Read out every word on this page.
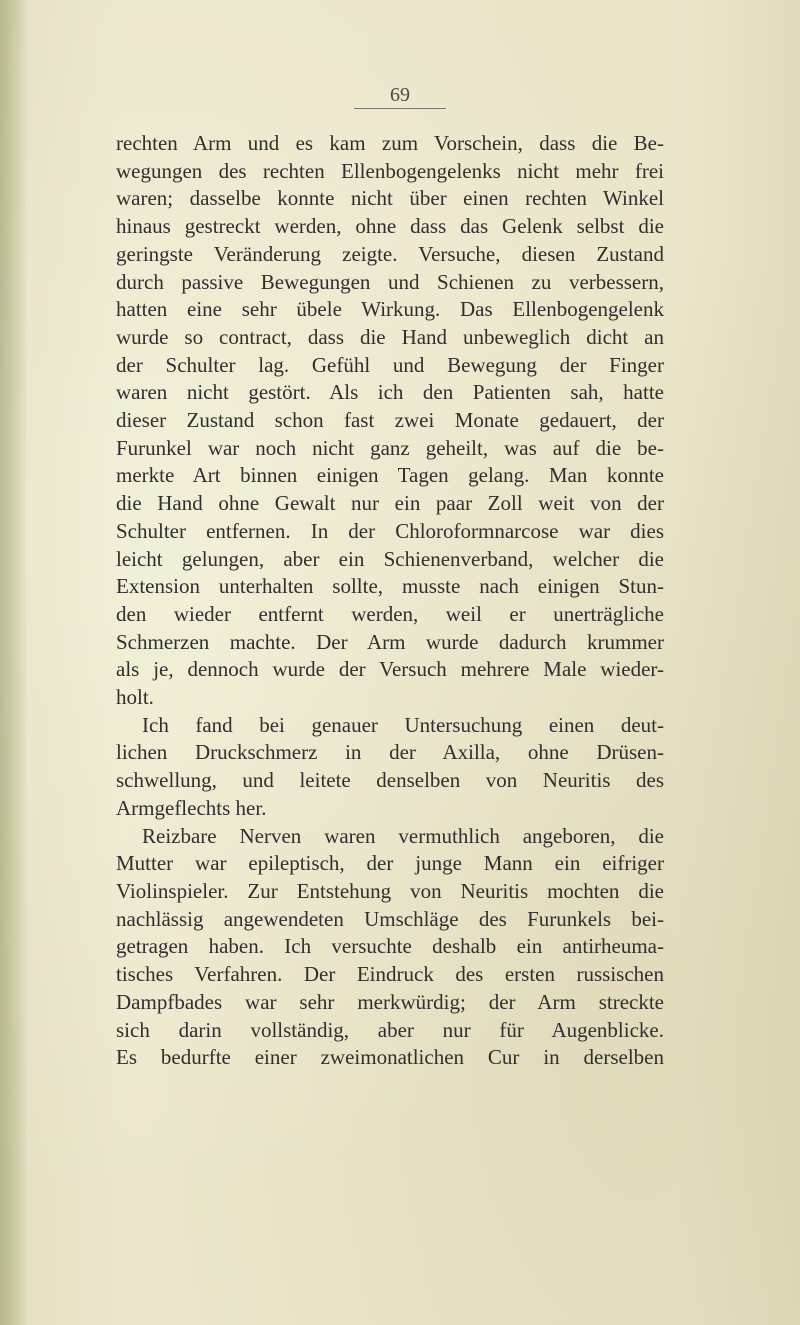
69
rechten Arm und es kam zum Vorschein, dass die Be-
wegungen des rechten Ellenbogengelenks nicht mehr frei
waren; dasselbe konnte nicht über einen rechten Winkel
hinaus gestreckt werden, ohne dass das Gelenk selbst die
geringste Veränderung zeigte. Versuche, diesen Zustand
durch passive Bewegungen und Schienen zu verbessern,
hatten eine sehr übele Wirkung. Das Ellenbogengelenk
wurde so contract, dass die Hand unbeweglich dicht an
der Schulter lag. Gefühl und Bewegung der Finger
waren nicht gestört. Als ich den Patienten sah, hatte
dieser Zustand schon fast zwei Monate gedauert, der
Furunkel war noch nicht ganz geheilt, was auf die be-
merkte Art binnen einigen Tagen gelang. Man konnte
die Hand ohne Gewalt nur ein paar Zoll weit von der
Schulter entfernen. In der Chloroformnarcose war dies
leicht gelungen, aber ein Schienenverband, welcher die
Extension unterhalten sollte, musste nach einigen Stun-
den wieder entfernt werden, weil er unerträgliche
Schmerzen machte. Der Arm wurde dadurch krummer
als je, dennoch wurde der Versuch mehrere Male wieder-
holt.
Ich fand bei genauer Untersuchung einen deut-
lichen Druckschmerz in der Axilla, ohne Drüsen-
schwellung, und leitete denselben von Neuritis des
Armgeflechts her.
Reizbare Nerven waren vermuthlich angeboren, die
Mutter war epileptisch, der junge Mann ein eifriger
Violinspieler. Zur Entstehung von Neuritis mochten die
nachlässig angewendeten Umschläge des Furunkels bei-
getragen haben. Ich versuchte deshalb ein antirheuma-
tisches Verfahren. Der Eindruck des ersten russischen
Dampfbades war sehr merkwürdig; der Arm streckte
sich darin vollständig, aber nur für Augenblicke.
Es bedurfte einer zweimonatlichen Cur in derselben
